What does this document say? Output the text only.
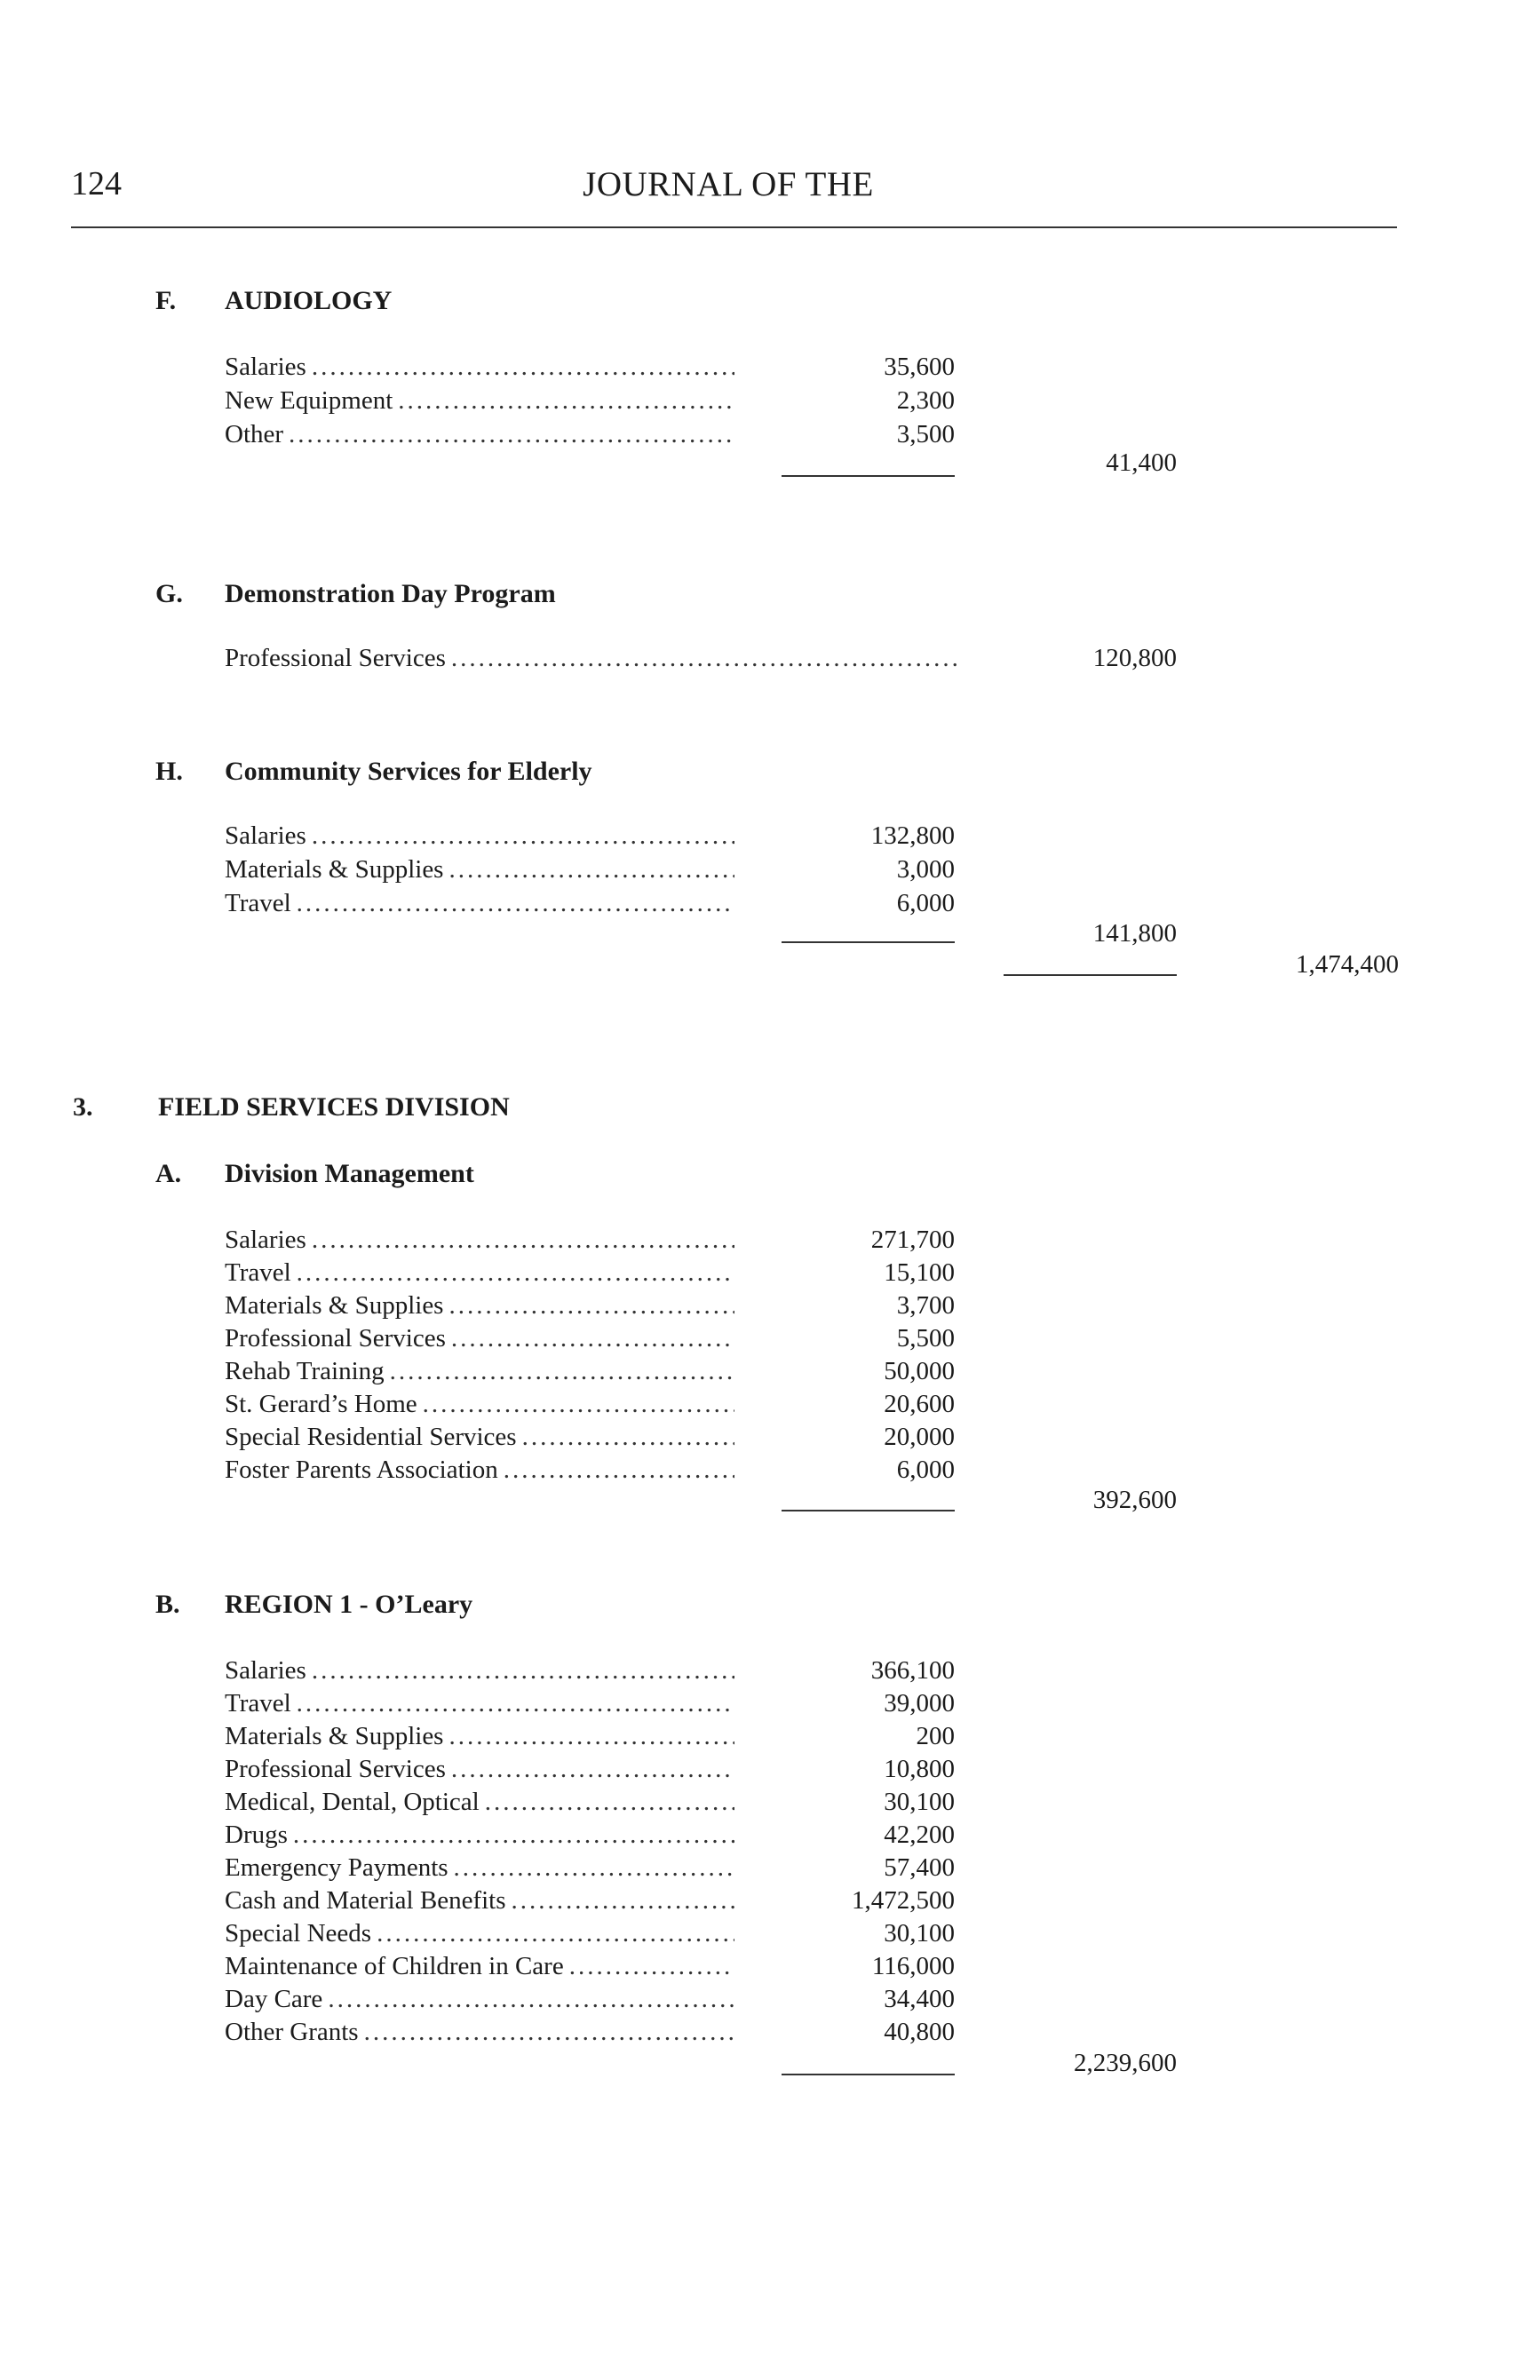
124	JOURNAL OF THE
F. AUDIOLOGY
Salaries .....	35,600
New Equipment .....	2,300
Other .....	3,500
41,400
G. Demonstration Day Program
Professional Services .....	120,800
H. Community Services for Elderly
Salaries .....	132,800
Materials & Supplies .....	3,000
Travel .....	6,000
141,800
1,474,400
3. FIELD SERVICES DIVISION
A. Division Management
Salaries .....	271,700
Travel .....	15,100
Materials & Supplies .....	3,700
Professional Services .....	5,500
Rehab Training .....	50,000
St. Gerard’s Home .....	20,600
Special Residential Services .....	20,000
Foster Parents Association .....	6,000
392,600
B. REGION 1 - O’Leary
Salaries .....	366,100
Travel .....	39,000
Materials & Supplies .....	200
Professional Services .....	10,800
Medical, Dental, Optical .....	30,100
Drugs .....	42,200
Emergency Payments .....	57,400
Cash and Material Benefits .....	1,472,500
Special Needs .....	30,100
Maintenance of Children in Care .....	116,000
Day Care .....	34,400
Other Grants .....	40,800
2,239,600
